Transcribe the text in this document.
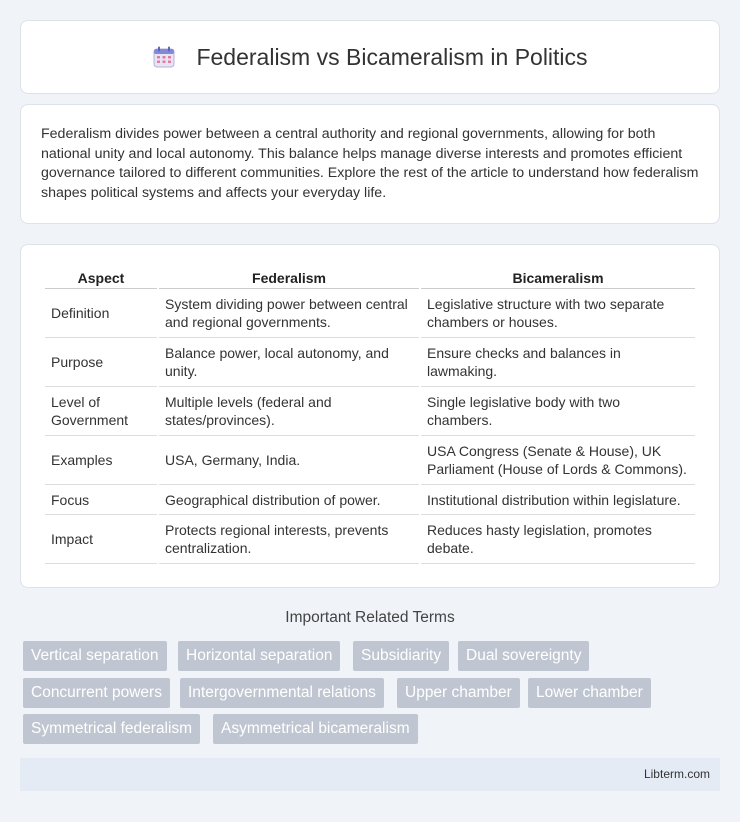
Federalism vs Bicameralism in Politics

Federalism divides power between a central authority and regional governments, allowing for both national unity and local autonomy. This balance helps manage diverse interests and promotes efficient governance tailored to different communities. Explore the rest of the article to understand how federalism shapes political systems and affects your everyday life.

Aspect	Federalism	Bicameralism
Definition	System dividing power between central and regional governments.	Legislative structure with two separate chambers or houses.
Purpose	Balance power, local autonomy, and unity.	Ensure checks and balances in lawmaking.
Level of Government	Multiple levels (federal and states/provinces).	Single legislative body with two chambers.
Examples	USA, Germany, India.	USA Congress (Senate & House), UK Parliament (House of Lords & Commons).
Focus	Geographical distribution of power.	Institutional distribution within legislature.
Impact	Protects regional interests, prevents centralization.	Reduces hasty legislation, promotes debate.
Important Related Terms
Vertical separation	Horizontal separation	Subsidiarity	Dual sovereignty
Concurrent powers	Intergovernmental relations	Upper chamber	Lower chamber
Symmetrical federalism	Asymmetrical bicameralism
Libterm.com
